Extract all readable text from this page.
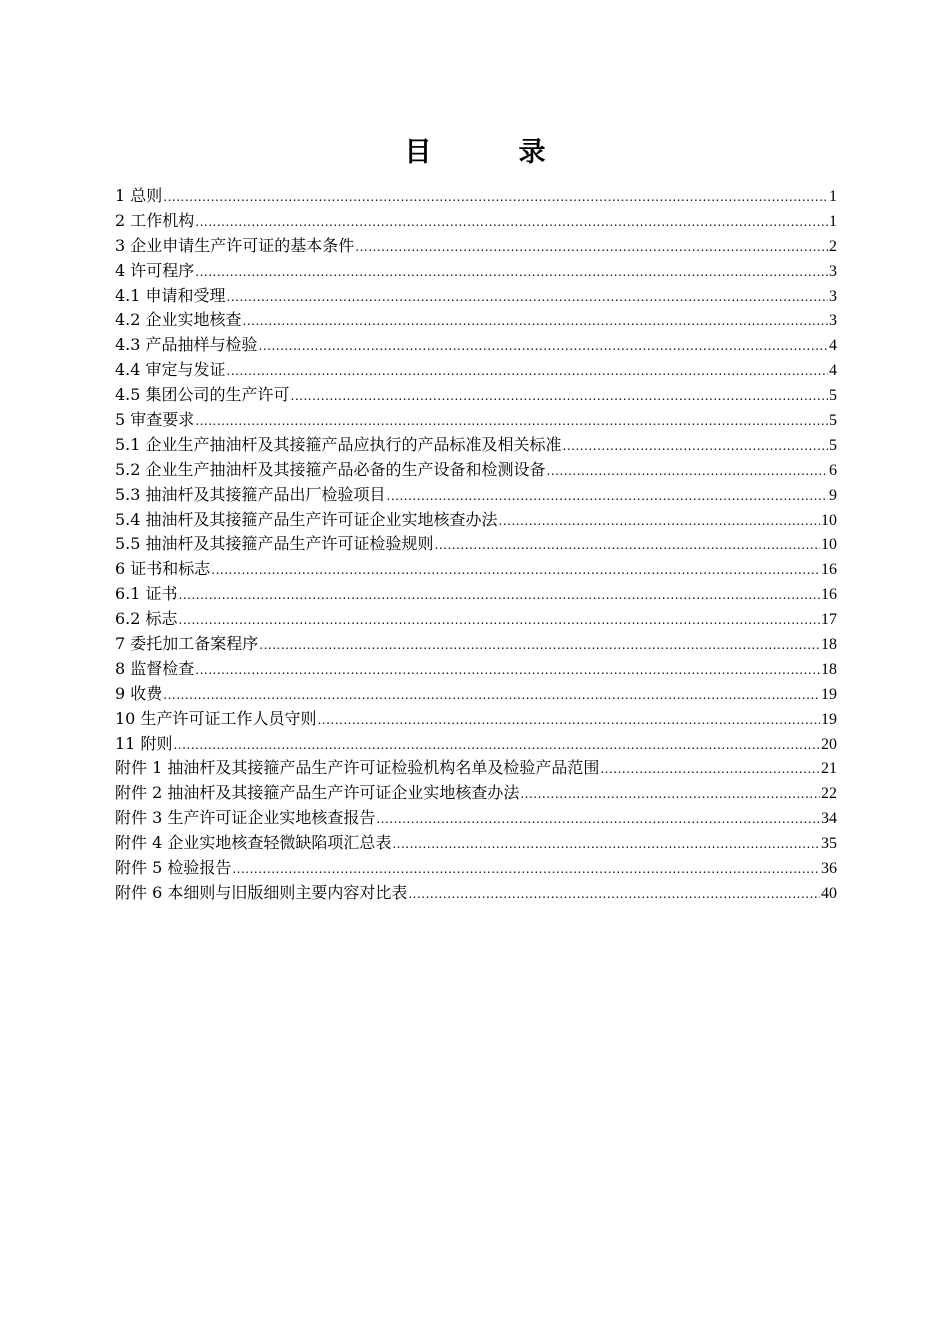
目　录
1 总则 .....	1
2 工作机构 .....	1
3 企业申请生产许可证的基本条件 .....	2
4 许可程序 .....	3
4.1 申请和受理 .....	3
4.2 企业实地核查 .....	3
4.3 产品抽样与检验 .....	4
4.4 审定与发证 .....	4
4.5 集团公司的生产许可 .....	5
5 审查要求 .....	5
5.1 企业生产抽油杆及其接箍产品应执行的产品标准及相关标准 .....	5
5.2 企业生产抽油杆及其接箍产品必备的生产设备和检测设备 .....	6
5.3 抽油杆及其接箍产品出厂检验项目 .....	9
5.4 抽油杆及其接箍产品生产许可证企业实地核查办法 .....	10
5.5 抽油杆及其接箍产品生产许可证检验规则 .....	10
6 证书和标志 .....	16
6.1 证书 .....	16
6.2 标志 .....	17
7 委托加工备案程序 .....	18
8 监督检查 .....	18
9 收费 .....	19
10 生产许可证工作人员守则 .....	19
11 附则 .....	20
附件 1 抽油杆及其接箍产品生产许可证检验机构名单及检验产品范围 .....	21
附件 2 抽油杆及其接箍产品生产许可证企业实地核查办法 .....	22
附件 3 生产许可证企业实地核查报告 .....	34
附件 4 企业实地核查轻微缺陷项汇总表 .....	35
附件 5 检验报告 .....	36
附件 6 本细则与旧版细则主要内容对比表 .....	40
